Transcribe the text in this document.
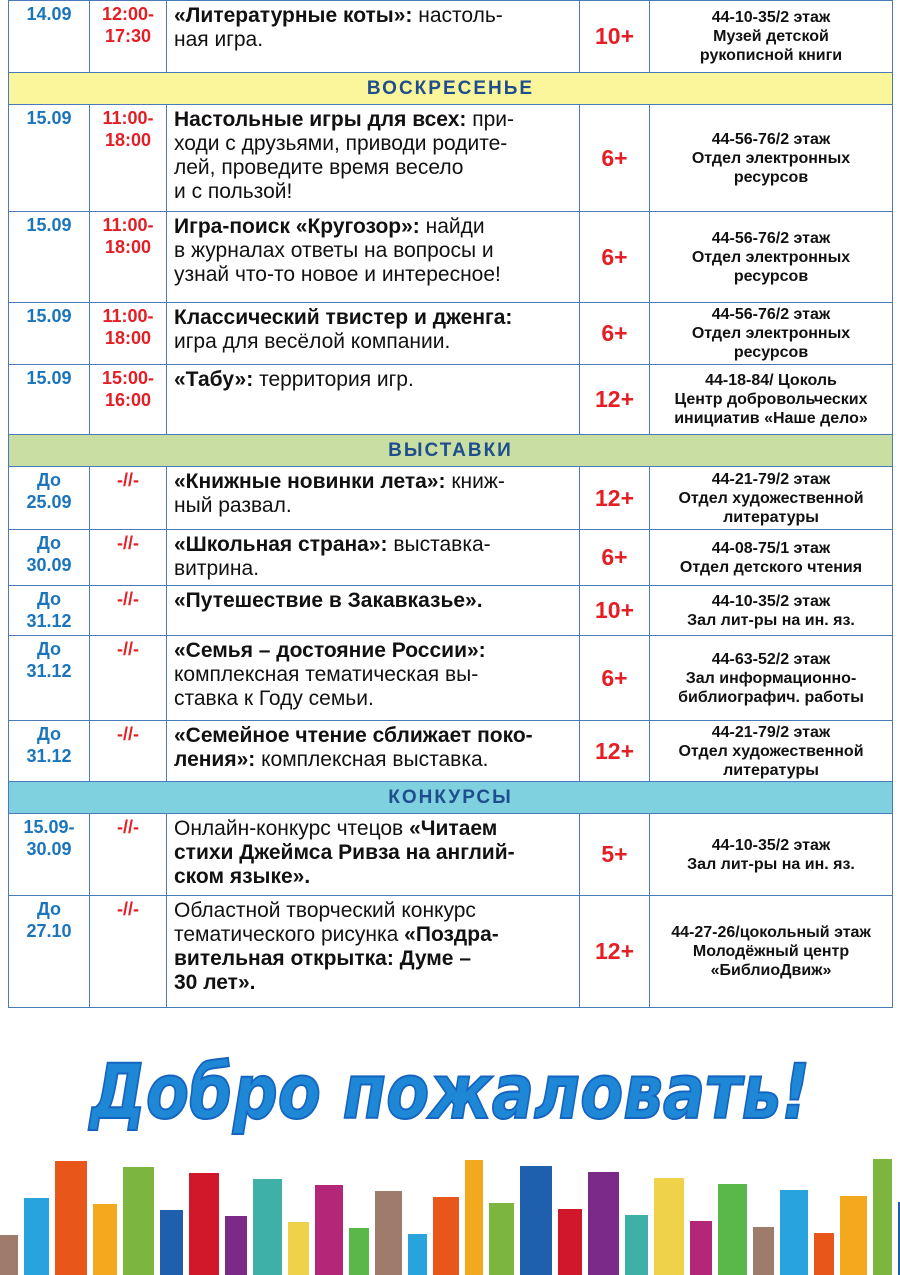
14.09	12:00-
17:30	«Литературные коты»: настоль-
ная игра.	10+	44-10-35/2 этаж
Музей детской
рукописной книги

ВОСКРЕСЕНЬЕ				

15.09	11:00-
18:00	Настольные игры для всех: при-
ходи с друзьями, приводи родите-
лей, проведите время весело
и с пользой!	6+	44-56-76/2 этаж
Отдел электронных
ресурсов

15.09	11:00-
18:00	Игра-поиск «Кругозор»: найди
в журналах ответы на вопросы и
узнай что-то новое и интересное!	6+	44-56-76/2 этаж
Отдел электронных
ресурсов

15.09	11:00-
18:00	Классический твистер и дженга:
игра для весёлой компании.	6+	44-56-76/2 этаж
Отдел электронных
ресурсов

15.09	15:00-
16:00	«Табу»: территория игр.	12+	44-18-84/ Цоколь
Центр добровольческих
инициатив «Наше дело»

ВЫСТАВКИ				

До
25.09	-//-	«Книжные новинки лета»: книж-
ный развал.	12+	44-21-79/2 этаж
Отдел художественной
литературы

До
30.09	-//-	«Школьная страна»: выставка-
витрина.	6+	44-08-75/1 этаж
Отдел детского чтения

До
31.12	-//-	«Путешествие в Закавказье».	10+	44-10-35/2 этаж
Зал лит-ры на ин. яз.

До
31.12	-//-	«Семья – достояние России»:
комплексная тематическая вы-
ставка к Году семьи.	6+	44-63-52/2 этаж
Зал информационно-
библиографич. работы

До
31.12	-//-	«Семейное чтение сближает поко-
ления»: комплексная выставка.	12+	44-21-79/2 этаж
Отдел художественной
литературы

КОНКУРСЫ				

15.09-
30.09	-//-	Онлайн-конкурс чтецов «Читаем
стихи Джеймса Ривза на англий-
ском языке».	5+	44-10-35/2 этаж
Зал лит-ры на ин. яз.

До
27.10	-//-	Областной творческий конкурс
тематического рисунка «Поздра-
вительная открытка: Думе –
30 лет».	12+	44-27-26/цокольный этаж
Молодёжный центр
«БиблиоДвиж»
Добро пожаловать!
